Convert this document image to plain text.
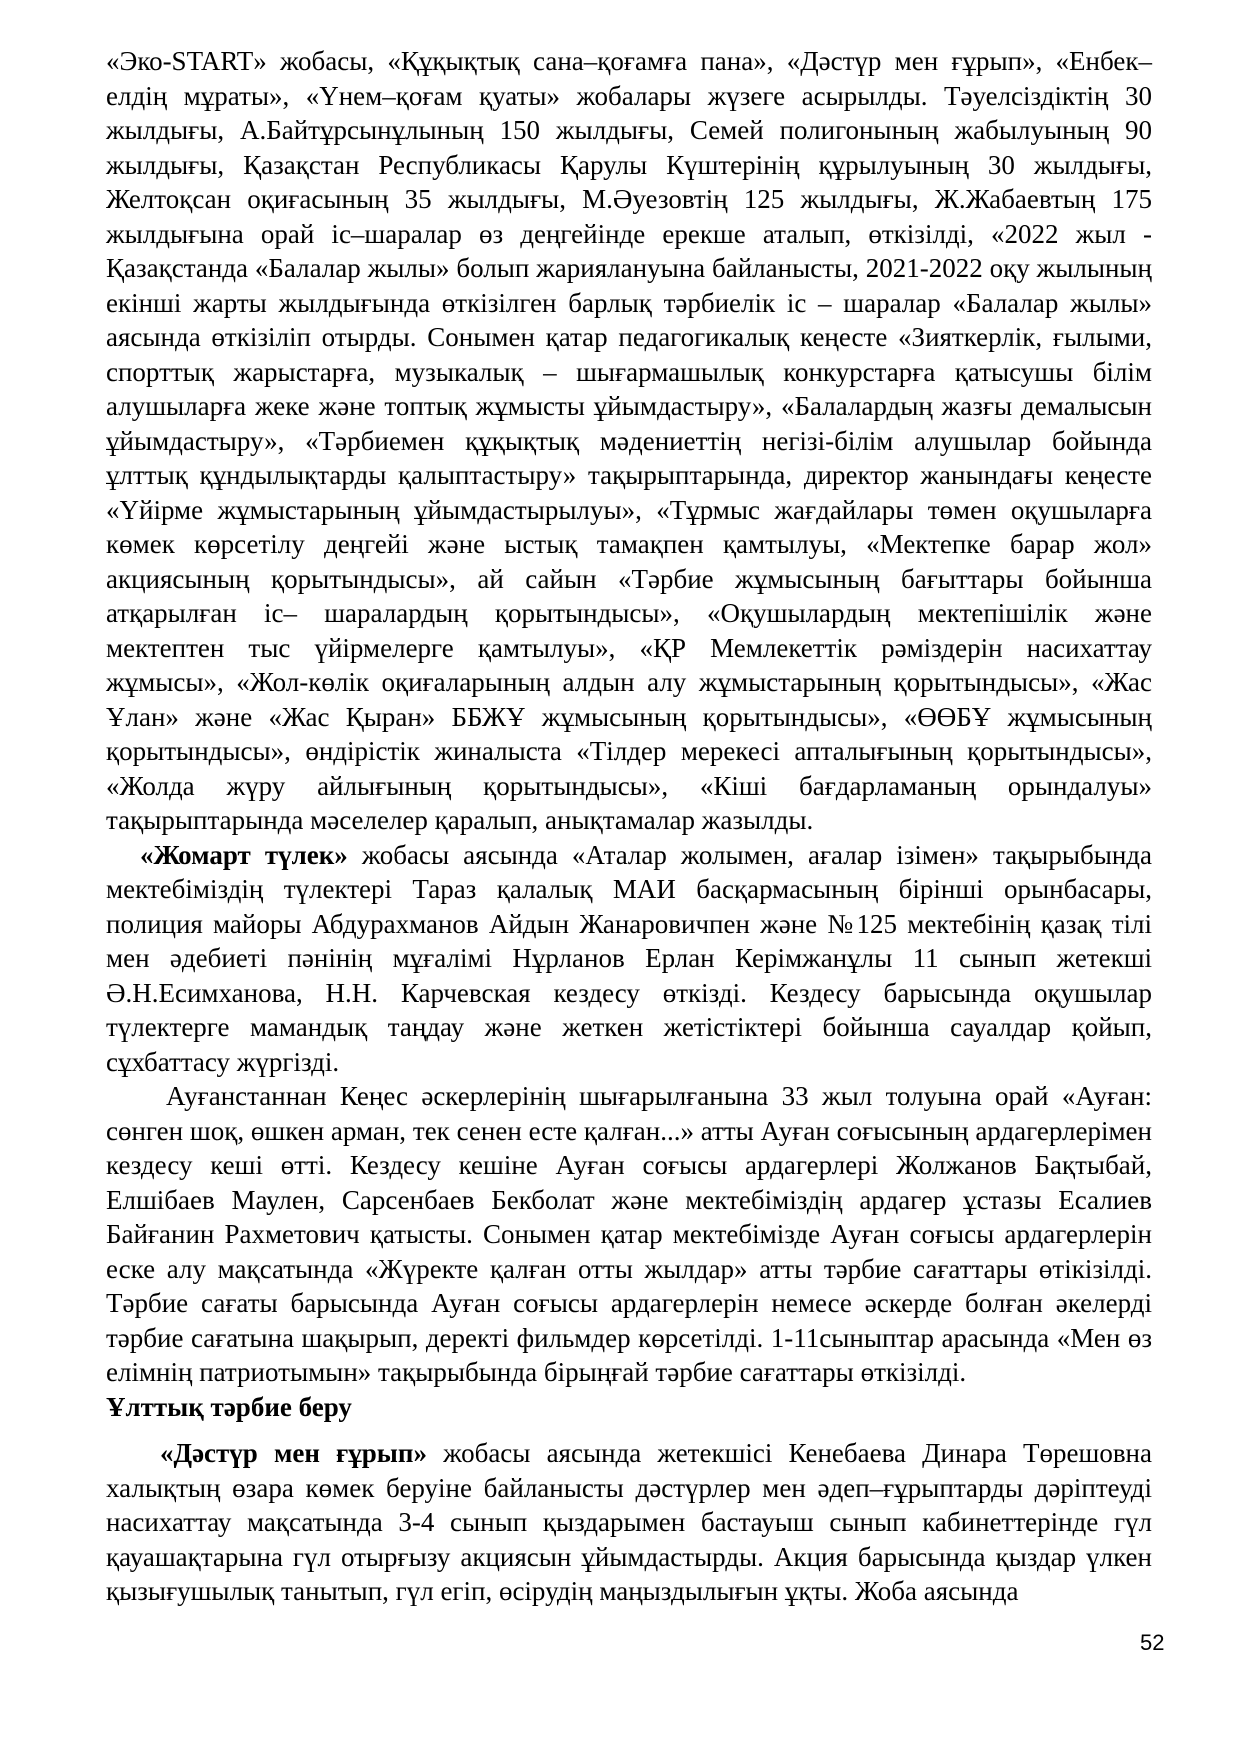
«Эко-START» жобасы, «Құқықтық сана–қоғамға пана», «Дәстүр мен ғұрып», «Енбек–елдің мұраты», «Үнем–қоғам қуаты» жобалары жүзеге асырылды. Тәуелсіздіктің 30 жылдығы, А.Байтұрсынұлының 150 жылдығы, Семей полигонының жабылуының 90 жылдығы, Қазақстан Республикасы Қарулы Күштерінің құрылуының 30 жылдығы, Желтоқсан оқиғасының 35 жылдығы, М.Әуезовтің 125 жылдығы, Ж.Жабаевтың 175 жылдығына орай іс–шаралар өз деңгейінде ерекше аталып, өткізілді, «2022 жыл - Қазақстанда «Балалар жылы» болып жариялануына байланысты, 2021-2022 оқу жылының екінші жарты жылдығында өткізілген барлық тәрбиелік іс – шаралар «Балалар жылы» аясында өткізіліп отырды. Сонымен қатар педагогикалық кеңесте «Зияткерлік, ғылыми, спорттық жарыстарға, музыкалық – шығармашылық конкурстарға қатысушы білім алушыларға жеке және топтық жұмысты ұйымдастыру», «Балалардың жазғы демалысын ұйымдастыру», «Тәрбиемен құқықтық мәдениеттің негізі-білім алушылар бойында ұлттық құндылықтарды қалыптастыру» тақырыптарында, директор жанындағы кеңесте «Үйірме жұмыстарының ұйымдастырылуы», «Тұрмыс жағдайлары төмен оқушыларға көмек көрсетілу деңгейі және ыстық тамақпен қамтылуы, «Мектепке барар жол» акциясының қорытындысы», ай сайын «Тәрбие жұмысының бағыттары бойынша атқарылған іс– шаралардың қорытындысы», «Оқушылардың мектепішілік және мектептен тыс үйірмелерге қамтылуы», «ҚР Мемлекеттік рәміздерін насихаттау жұмысы», «Жол-көлік оқиғаларының алдын алу жұмыстарының қорытындысы», «Жас Ұлан» және «Жас Қыран» ББЖҰ жұмысының қорытындысы», «ӨӨБҰ жұмысының қорытындысы», өндірістік жиналыста «Тілдер мерекесі апталығының қорытындысы», «Жолда жүру айлығының қорытындысы», «Кіші бағдарламаның орындалуы» тақырыптарында мәселелер қаралып, анықтамалар жазылды.

«Жомарт түлек» жобасы аясында «Аталар жолымен, ағалар ізімен» тақырыбында мектебіміздің түлектері Тараз қалалық МАИ басқармасының бірінші орынбасары, полиция майоры Абдурахманов Айдын Жанаровичпен және №125 мектебінің қазақ тілі мен әдебиеті пәнінің мұғалімі Нұрланов Ерлан Керімжанұлы 11 сынып жетекші Ә.Н.Есимханова, Н.Н. Карчевская кездесу өткізді. Кездесу барысында оқушылар түлектерге мамандық таңдау және жеткен жетістіктері бойынша сауалдар қойып, сұхбаттасу жүргізді.

Ауғанстаннан Кеңес әскерлерінің шығарылғанына 33 жыл толуына орай «Ауған: сөнген шоқ, өшкен арман, тек сенен есте қалған...» атты Ауған соғысының ардагерлерімен кездесу кеші өтті. Кездесу кешіне Ауған соғысы ардагерлері Жолжанов Бақтыбай, Елшібаев Маулен, Сарсенбаев Бекболат және мектебіміздің ардагер ұстазы Есалиев Байғанин Рахметович қатысты. Сонымен қатар мектебімізде Ауған соғысы ардагерлерін еске алу мақсатында «Жүректе қалған отты жылдар» атты тәрбие сағаттары өтікізілді. Тәрбие сағаты барысында Ауған соғысы ардагерлерін немесе әскерде болған әкелерді тәрбие сағатына шақырып, деректі фильмдер көрсетілді. 1-11сыныптар арасында «Мен өз елімнің патриотымын» тақырыбында бірыңғай тәрбие сағаттары өткізілді.

Ұлттық тәрбие беру

«Дәстүр мен ғұрып» жобасы аясында жетекшісі Кенебаева Динара Төрешовна халықтың өзара көмек беруіне байланысты дәстүрлер мен әдеп–ғұрыптарды дәріптеуді насихаттау мақсатында 3-4 сынып қыздарымен бастауыш сынып кабинеттерінде гүл қауашақтарына гүл отырғызу акциясын ұйымдастырды. Акция барысында қыздар үлкен қызығушылық танытып, гүл егіп, өсірудің маңыздылығын ұқты. Жоба аясында

52
